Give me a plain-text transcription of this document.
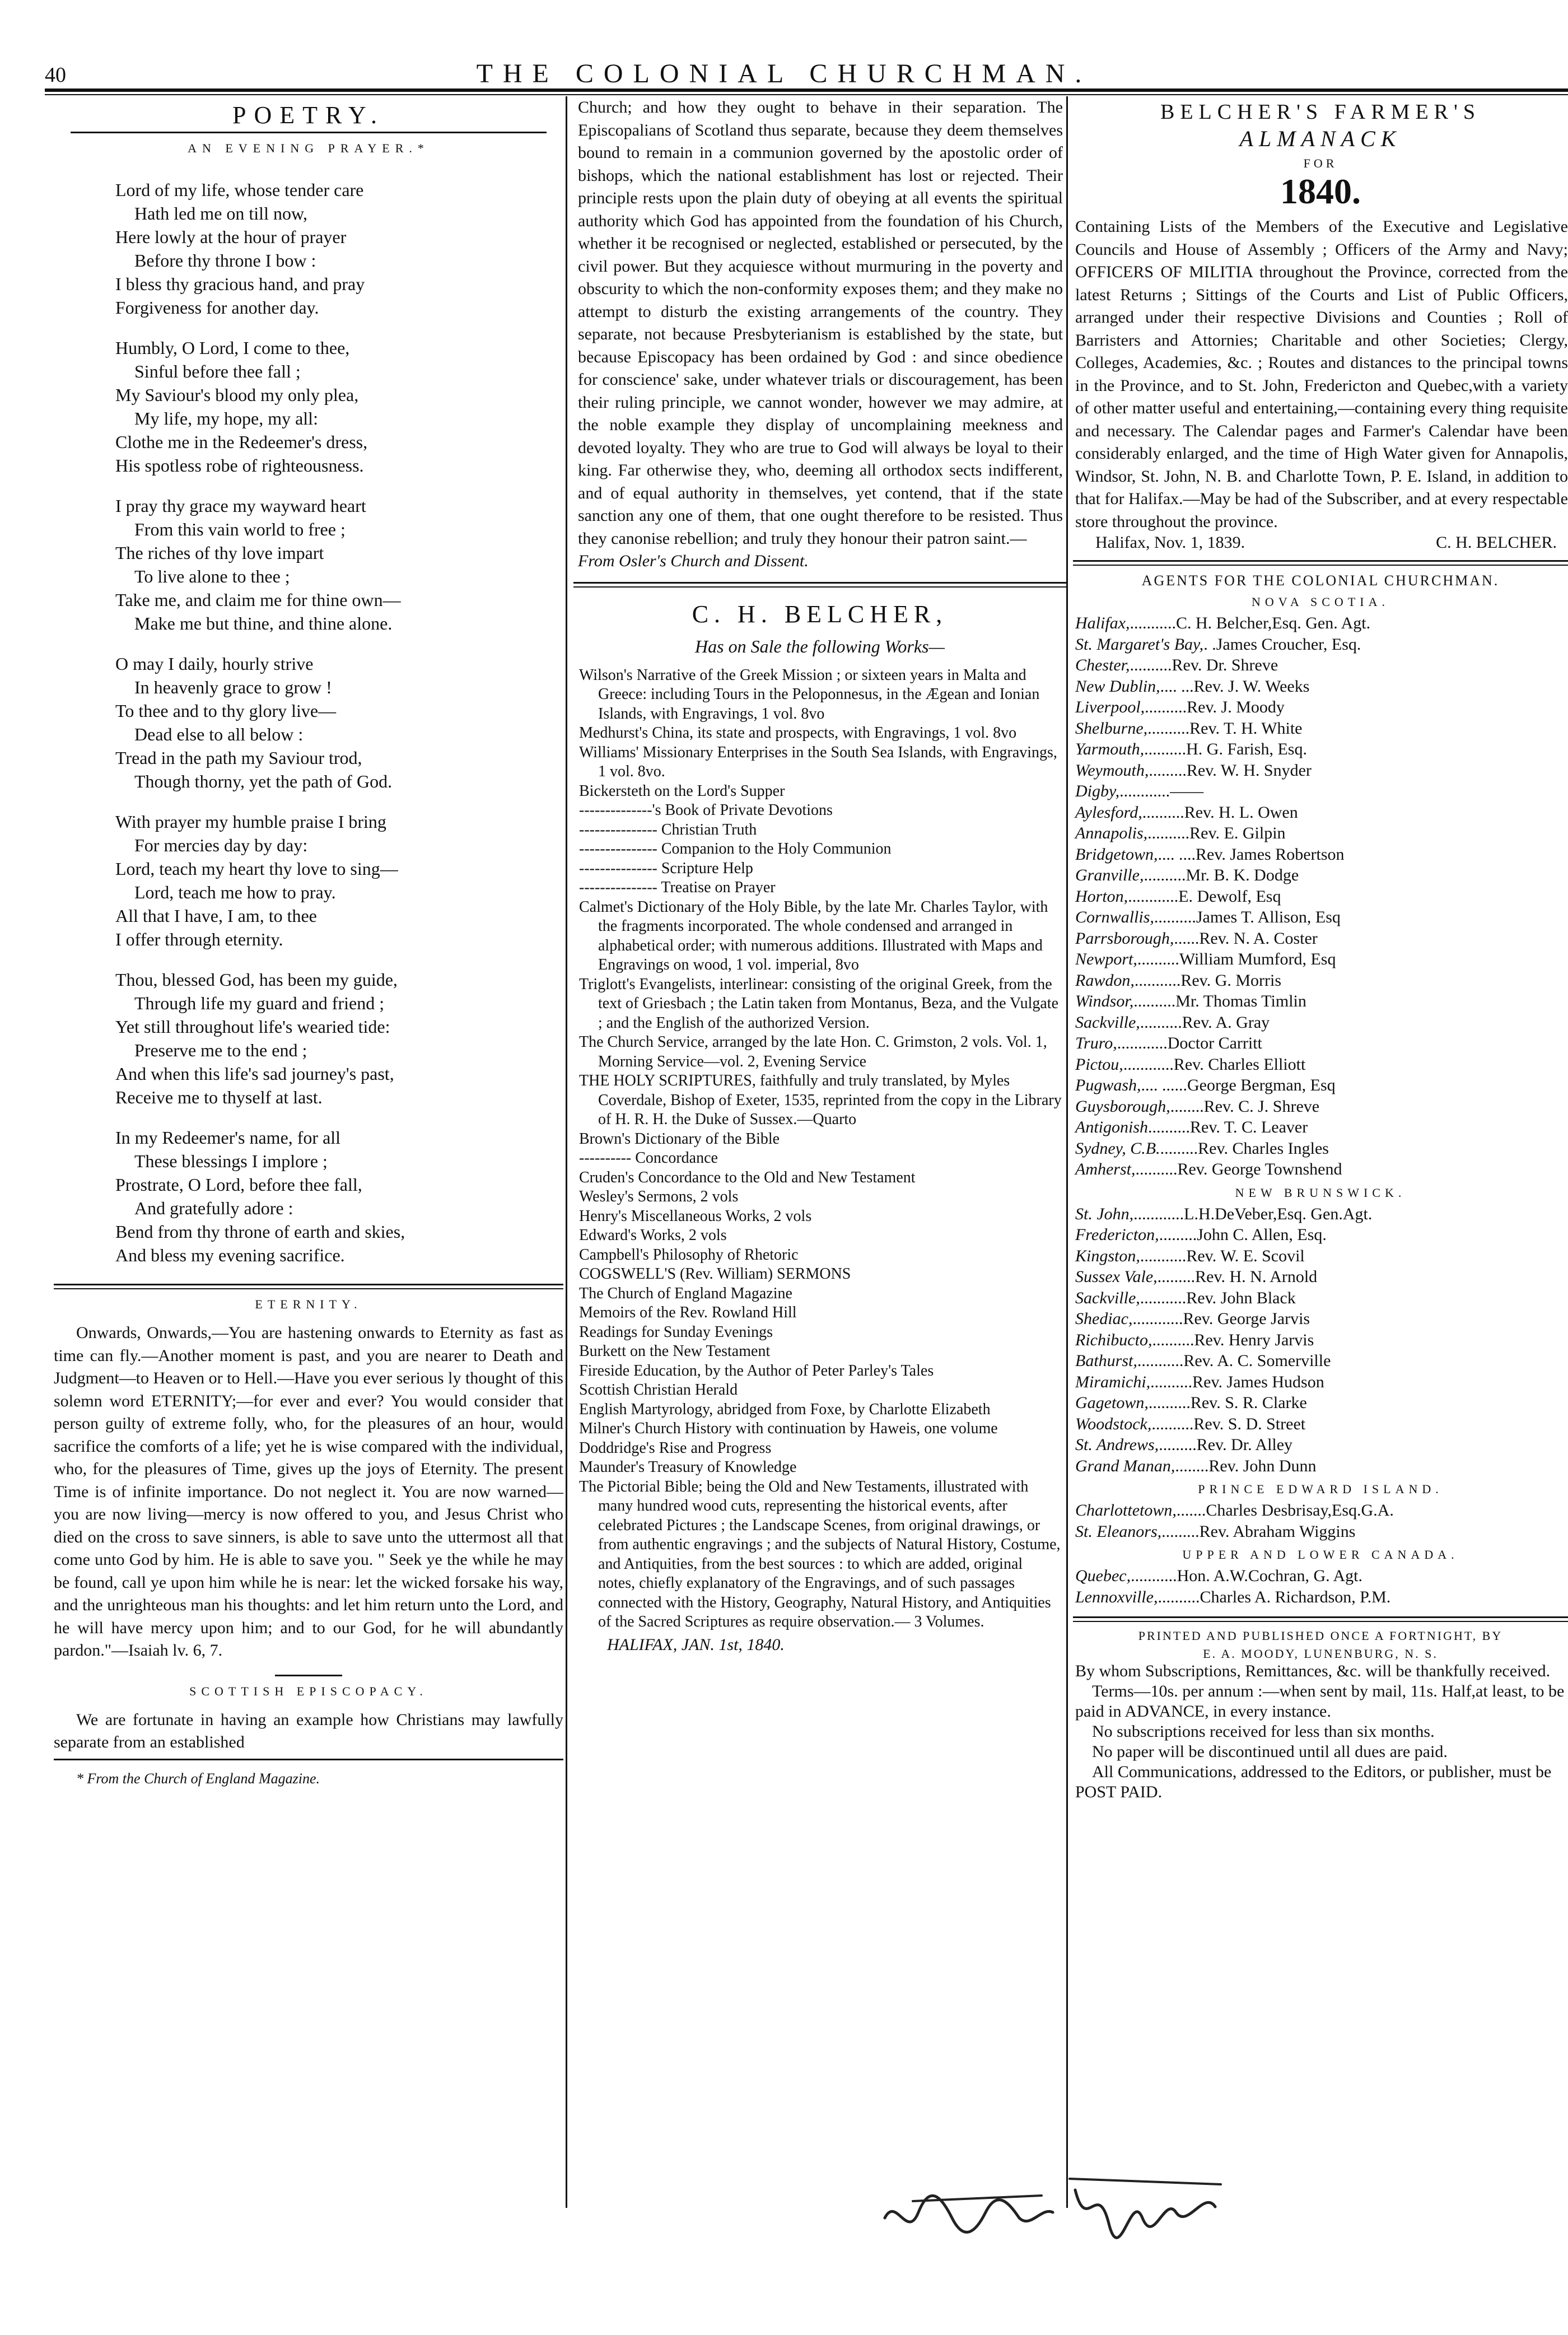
40	THE COLONIAL CHURCHMAN.
POETRY.
AN EVENING PRAYER.*
Lord of my life, whose tender care
Hath led me on till now,
Here lowly at the hour of prayer
Before thy throne I bow :
I bless thy gracious hand, and pray
Forgiveness for another day.
Humbly, O Lord, I come to thee,
Sinful before thee fall ;
My Saviour's blood my only plea,
My life, my hope, my all:
Clothe me in the Redeemer's dress,
His spotless robe of righteousness.
I pray thy grace my wayward heart
From this vain world to free ;
The riches of thy love impart
To live alone to thee ;
Take me, and claim me for thine own—
Make me but thine, and thine alone.
O may I daily, hourly strive
In heavenly grace to grow !
To thee and to thy glory live—
Dead else to all below :
Tread in the path my Saviour trod,
Though thorny, yet the path of God.
With prayer my humble praise I bring
For mercies day by day:
Lord, teach my heart thy love to sing—
Lord, teach me how to pray.
All that I have, I am, to thee
I offer through eternity.
Thou, blessed God, has been my guide,
Through life my guard and friend ;
Yet still throughout life's wearied tide:
Preserve me to the end ;
And when this life's sad journey's past,
Receive me to thyself at last.
In my Redeemer's name, for all
These blessings I implore ;
Prostrate, O Lord, before thee fall,
And gratefully adore :
Bend from thy throne of earth and skies,
And bless my evening sacrifice.
ETERNITY.

Onwards, Onwards,—You are hastening onwards to Eternity as fast as time can fly.—Another moment is past, and you are nearer to Death and Judgment—to Heaven or to Hell.—Have you ever serious ly thought of this solemn word ETERNITY;—for ever and ever? You would consider that person guilty of extreme folly, who, for the pleasures of an hour, would sacrifice the comforts of a life; yet he is wise compared with the individual, who, for the pleasures of Time, gives up the joys of Eternity. The present Time is of infinite importance. Do not neglect it. You are now warned—you are now living—mercy is now offered to you, and Jesus Christ who died on the cross to save sinners, is able to save unto the uttermost all that come unto God by him. He is able to save you. " Seek ye the while he may be found, call ye upon him while he is near: let the wicked forsake his way, and the unrighteous man his thoughts: and let him return unto the Lord, and he will have mercy upon him; and to our God, for he will abundantly pardon."—Isaiah lv. 6, 7.

SCOTTISH EPISCOPACY.

We are fortunate in having an example how Christians may lawfully separate from an established

* From the Church of England Magazine.

Church; and how they ought to behave in their separation. The Episcopalians of Scotland thus separate, because they deem themselves bound to remain in a communion governed by the apostolic order of bishops, which the national establishment has lost or rejected. Their principle rests upon the plain duty of obeying at all events the spiritual authority which God has appointed from the foundation of his Church, whether it be recognised or neglected, established or persecuted, by the civil power. But they acquiesce without murmuring in the poverty and obscurity to which the non-conformity exposes them; and they make no attempt to disturb the existing arrangements of the country. They separate, not because Presbyterianism is established by the state, but because Episcopacy has been ordained by God : and since obedience for conscience' sake, under whatever trials or discouragement, has been their ruling principle, we cannot wonder, however we may admire, at the noble example they display of uncomplaining meekness and devoted loyalty. They who are true to God will always be loyal to their king. Far otherwise they, who, deeming all orthodox sects indifferent, and of equal authority in themselves, yet contend, that if the state sanction any one of them, that one ought therefore to be resisted. Thus they canonise rebellion; and truly they honour their patron saint.—

From Osler's Church and Dissent.
C. H. BELCHER,
Has on Sale the following Works—
Wilson's Narrative of the Greek Mission ; or sixteen years in Malta and Greece: including Tours in the Peloponnesus, in the Ægean and Ionian Islands, with Engravings, 1 vol. 8vo
Medhurst's China, its state and prospects, with Engravings, 1 vol. 8vo
Williams' Missionary Enterprises in the South Sea Islands, with Engravings, 1 vol. 8vo.
Bickersteth on the Lord's Supper
--------------'s Book of Private Devotions
--------------- Christian Truth
--------------- Companion to the Holy Communion
--------------- Scripture Help
--------------- Treatise on Prayer
Calmet's Dictionary of the Holy Bible, by the late Mr. Charles Taylor, with the fragments incorporated. The whole condensed and arranged in alphabetical order; with numerous additions. Illustrated with Maps and Engravings on wood, 1 vol. imperial, 8vo
Triglott's Evangelists, interlinear: consisting of the original Greek, from the text of Griesbach ; the Latin taken from Montanus, Beza, and the Vulgate ; and the English of the authorized Version.
The Church Service, arranged by the late Hon. C. Grimston, 2 vols. Vol. 1, Morning Service—vol. 2, Evening Service
THE HOLY SCRIPTURES, faithfully and truly translated, by Myles Coverdale, Bishop of Exeter, 1535, reprinted from the copy in the Library of H. R. H. the Duke of Sussex.—Quarto
Brown's Dictionary of the Bible
---------- Concordance
Cruden's Concordance to the Old and New Testament
Wesley's Sermons, 2 vols
Henry's Miscellaneous Works, 2 vols
Edward's Works, 2 vols
Campbell's Philosophy of Rhetoric
COGSWELL'S (Rev. William) SERMONS
The Church of England Magazine
Memoirs of the Rev. Rowland Hill
Readings for Sunday Evenings
Burkett on the New Testament
Fireside Education, by the Author of Peter Parley's Tales
Scottish Christian Herald
English Martyrology, abridged from Foxe, by Charlotte Elizabeth
Milner's Church History with continuation by Haweis, one volume
Doddridge's Rise and Progress
Maunder's Treasury of Knowledge
The Pictorial Bible; being the Old and New Testaments, illustrated with many hundred wood cuts, representing the historical events, after celebrated Pictures ; the Landscape Scenes, from original drawings, or from authentic engravings ; and the subjects of Natural History, Costume, and Antiquities, from the best sources : to which are added, original notes, chiefly explanatory of the Engravings, and of such passages connected with the History, Geography, Natural History, and Antiquities of the Sacred Scriptures as require observation.— 3 Volumes.
HALIFAX, JAN. 1st, 1840.
BELCHER'S FARMER'S
ALMANACK
FOR
1840.

Containing Lists of the Members of the Executive and Legislative Councils and House of Assembly ; Officers of the Army and Navy; OFFICERS OF MILITIA throughout the Province, corrected from the latest Returns ; Sittings of the Courts and List of Public Officers, arranged under their respective Divisions and Counties ; Roll of Barristers and Attornies; Charitable and other Societies; Clergy, Colleges, Academies, &c. ; Routes and distances to the principal towns in the Province, and to St. John, Fredericton and Quebec,with a variety of other matter useful and entertaining,—containing every thing requisite and necessary. The Calendar pages and Farmer's Calendar have been considerably enlarged, and the time of High Water given for Annapolis, Windsor, St. John, N. B. and Charlotte Town, P. E. Island, in addition to that for Halifax.—May be had of the Subscriber, and at every respectable store throughout the province.

Halifax, Nov. 1, 1839.	C. H. BELCHER.
AGENTS FOR THE COLONIAL CHURCHMAN.
NOVA SCOTIA.
Halifax, ........... C. H. Belcher,Esq. Gen. Agt.
St. Margaret's Bay, . . James Croucher, Esq.
Chester, .......... Rev. Dr. Shreve
New Dublin, .... ... Rev. J. W. Weeks
Liverpool, .......... Rev. J. Moody
Shelburne, .......... Rev. T. H. White
Yarmouth, .......... H. G. Farish, Esq.
Weymouth, ......... Rev. W. H. Snyder
Digby, ............ ——
Aylesford, .......... Rev. H. L. Owen
Annapolis, .......... Rev. E. Gilpin
Bridgetown, .... .... Rev. James Robertson
Granville, .......... Mr. B. K. Dodge
Horton, ............ E. Dewolf, Esq
Cornwallis, .......... James T. Allison, Esq
Parrsborough, ...... Rev. N. A. Coster
Newport, .......... William Mumford, Esq
Rawdon, ........... Rev. G. Morris
Windsor, .......... Mr. Thomas Timlin
Sackville, .......... Rev. A. Gray
Truro, ............ Doctor Carritt
Pictou, ............ Rev. Charles Elliott
Pugwash, .... ...... George Bergman, Esq
Guysborough, ........ Rev. C. J. Shreve
Antigonish .......... Rev. T. C. Leaver
Sydney, C.B. ......... Rev. Charles Ingles
Amherst, .......... Rev. George Townshend
NEW BRUNSWICK.
St. John, ............ L.H.DeVeber,Esq. Gen.Agt.
Fredericton, ......... John C. Allen, Esq.
Kingston, ........... Rev. W. E. Scovil
Sussex Vale, ......... Rev. H. N. Arnold
Sackville, ........... Rev. John Black
Shediac, ............ Rev. George Jarvis
Richibucto, .......... Rev. Henry Jarvis
Bathurst, ........... Rev. A. C. Somerville
Miramichi, .......... Rev. James Hudson
Gagetown, .......... Rev. S. R. Clarke
Woodstock, .......... Rev. S. D. Street
St. Andrews, ......... Rev. Dr. Alley
Grand Manan, ........ Rev. John Dunn
PRINCE EDWARD ISLAND.
Charlottetown, ....... Charles Desbrisay,Esq.G.A.
St. Eleanors, ......... Rev. Abraham Wiggins
UPPER AND LOWER CANADA.
Quebec, ........... Hon. A.W.Cochran, G. Agt.
Lennoxville, .......... Charles A. Richardson, P.M.
PRINTED AND PUBLISHED ONCE A FORTNIGHT, BY
E. A. MOODY, LUNENBURG, N. S.
By whom Subscriptions, Remittances, &c. will be thankfully received.
Terms—10s. per annum :—when sent by mail, 11s. Half,at least, to be paid in ADVANCE, in every instance.
No subscriptions received for less than six months.
No paper will be discontinued until all dues are paid.
All Communications, addressed to the Editors, or publisher, must be POST PAID.
